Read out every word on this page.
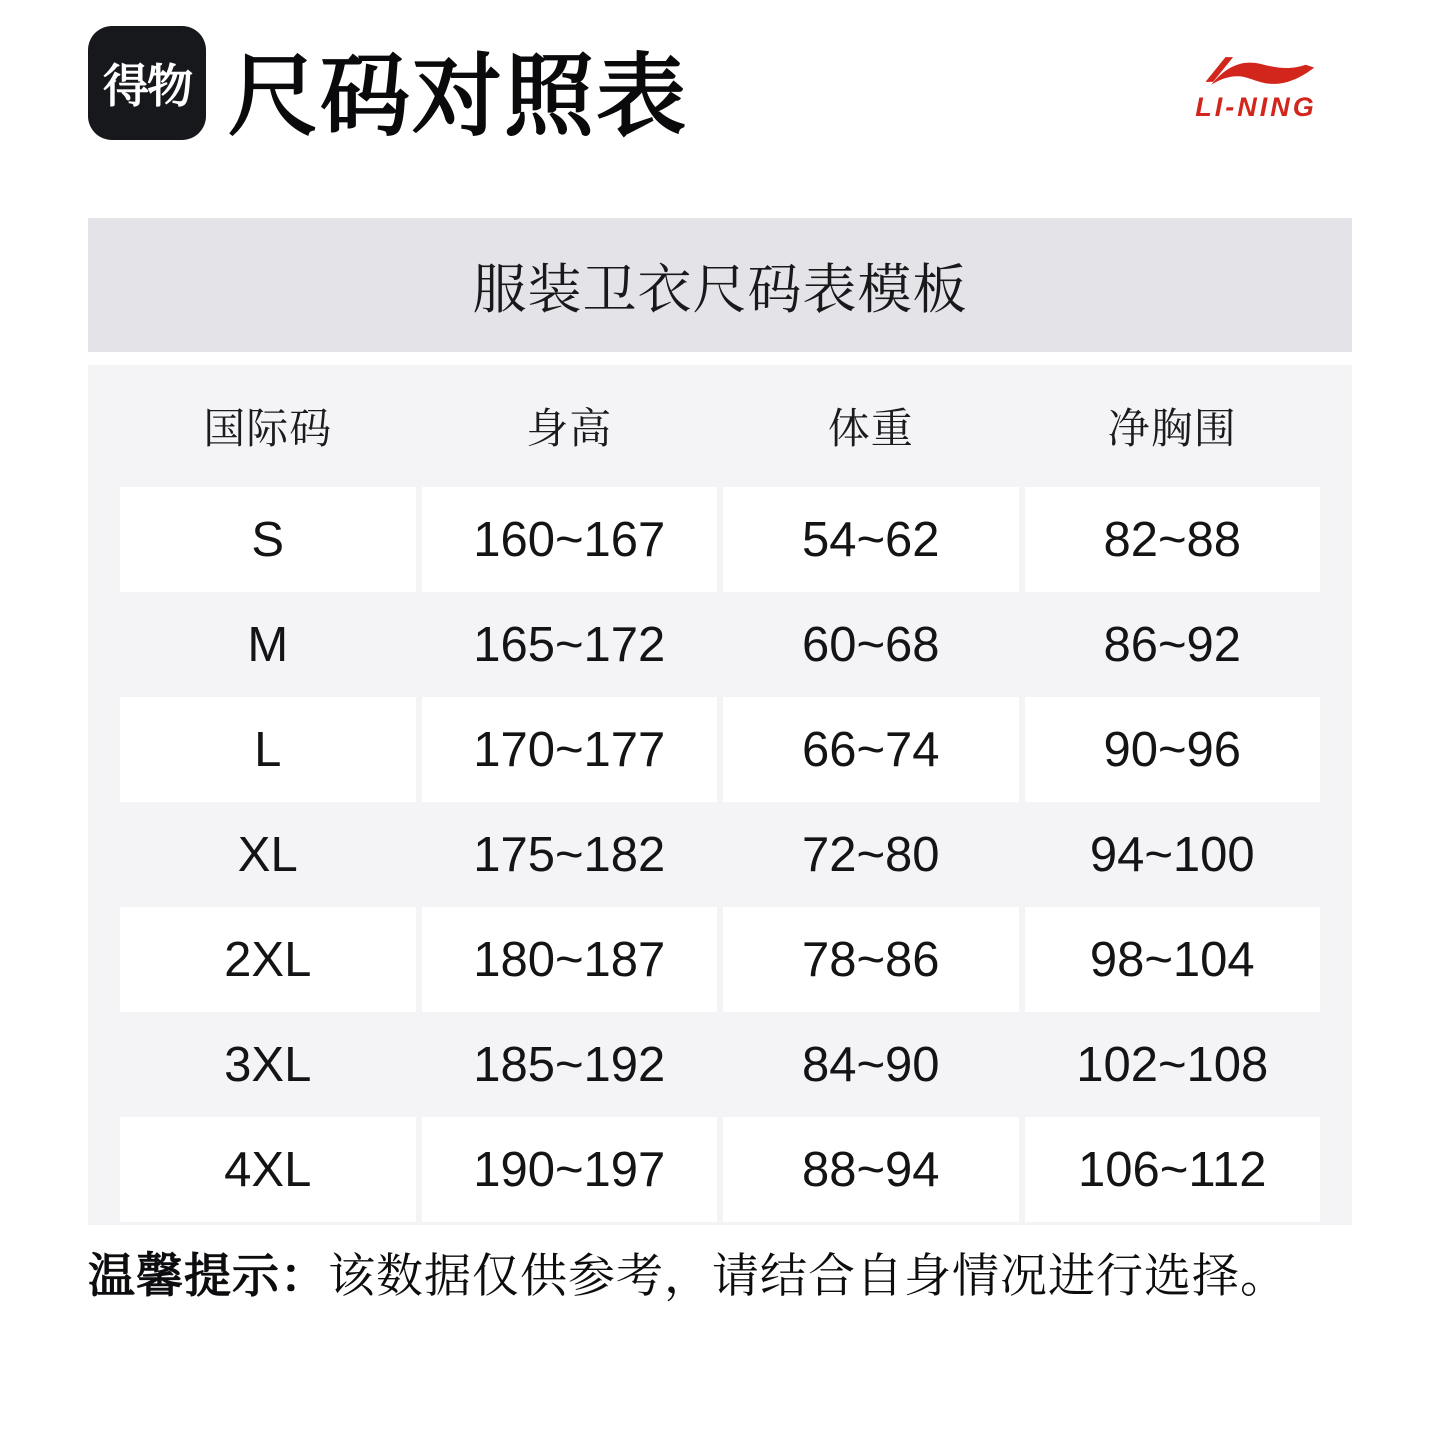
得物 尺码对照表	LI-NING
服装卫衣尺码表模板
国际码	身高	体重	净胸围
S	160~167	54~62	82~88
M	165~172	60~68	86~92
L	170~177	66~74	90~96
XL	175~182	72~80	94~100
2XL	180~187	78~86	98~104
3XL	185~192	84~90	102~108
4XL	190~197	88~94	106~112

温馨提示：该数据仅供参考，请结合自身情况进行选择。
